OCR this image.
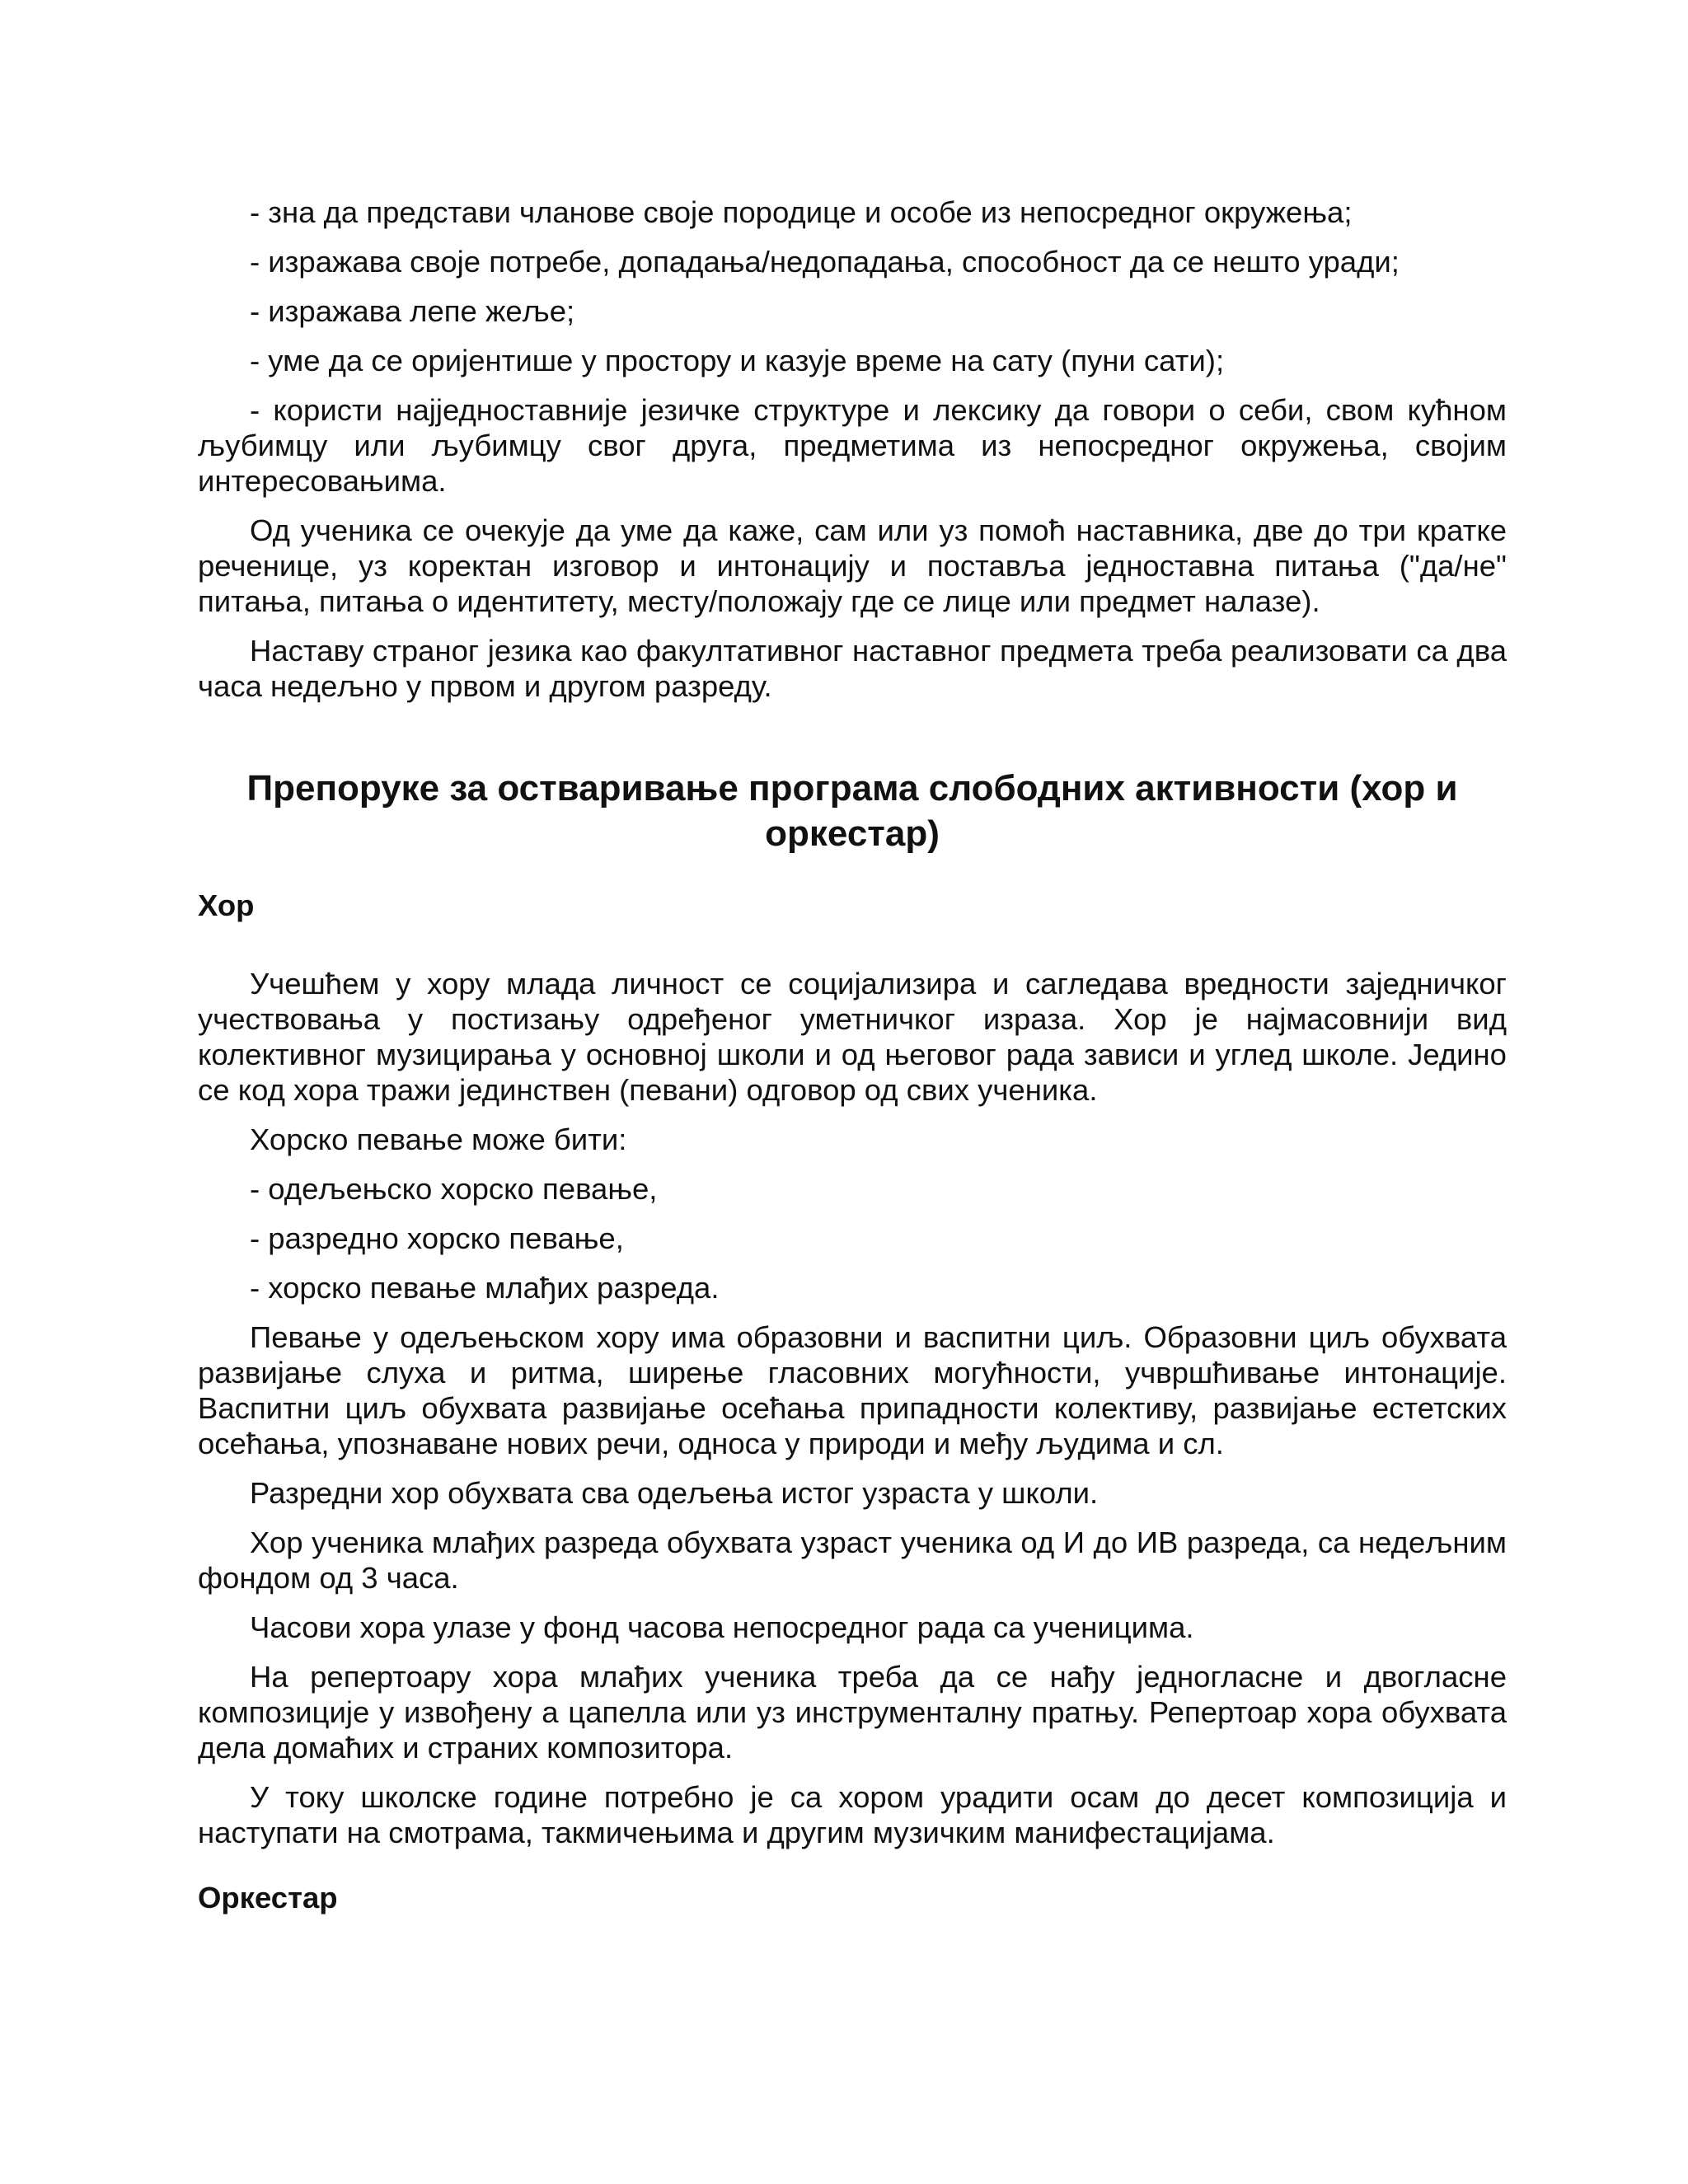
- зна да представи чланове своје породице и особе из непосредног окружења;

- изражава своје потребе, допадања/недопадања, способност да се нешто уради;

- изражава лепе жеље;

- уме да се оријентише у простору и казује време на сату (пуни сати);

- користи најједноставније језичке структуре и лексику да говори о себи, свом кућном љубимцу или љубимцу свог друга, предметима из непосредног окружења, својим интересовањима.

Од ученика се очекује да уме да каже, сам или уз помоћ наставника, две до три кратке реченице, уз коректан изговор и интонацију и поставља једноставна питања ("да/не" питања, питања о идентитету, месту/положају где се лице или предмет налазе).

Наставу страног језика као факултативног наставног предмета треба реализовати са два часа недељно у првом и другом разреду.

Препоруке за остваривање програма слободних активности (хор и оркестар)
Хор

Учешћем у хору млада личност се социјализира и сагледава вредности заједничког учествовања у постизању одређеног уметничког израза. Хор је најмасовнији вид колективног музицирања у основној школи и од његовог рада зависи и углед школе. Једино се код хора тражи јединствен (певани) одговор од свих ученика.

Хорско певање може бити:

- одељењско хорско певање,

- разредно хорско певање,

- хорско певање млађих разреда.

Певање у одељењском хору има образовни и васпитни циљ. Образовни циљ обухвата развијање слуха и ритма, ширење гласовних могућности, учвршћивање интонације. Васпитни циљ обухвата развијање осећања припадности колективу, развијање естетских осећања, упознаване нових речи, односа у природи и међу људима и сл.

Разредни хор обухвата сва одељења истог узраста у школи.

Хор ученика млађих разреда обухвата узраст ученика од И до ИВ разреда, са недељним фондом од 3 часа.

Часови хора улазе у фонд часова непосредног рада са ученицима.

На репертоару хора млађих ученика треба да се нађу једногласне и двогласне композиције у извођену а цапелла или уз инструменталну пратњу. Репертоар хора обухвата дела домаћих и страних композитора.

У току школске године потребно је са хором урадити осам до десет композиција и наступати на смотрама, такмичењима и другим музичким манифестацијама.

Оркестар
